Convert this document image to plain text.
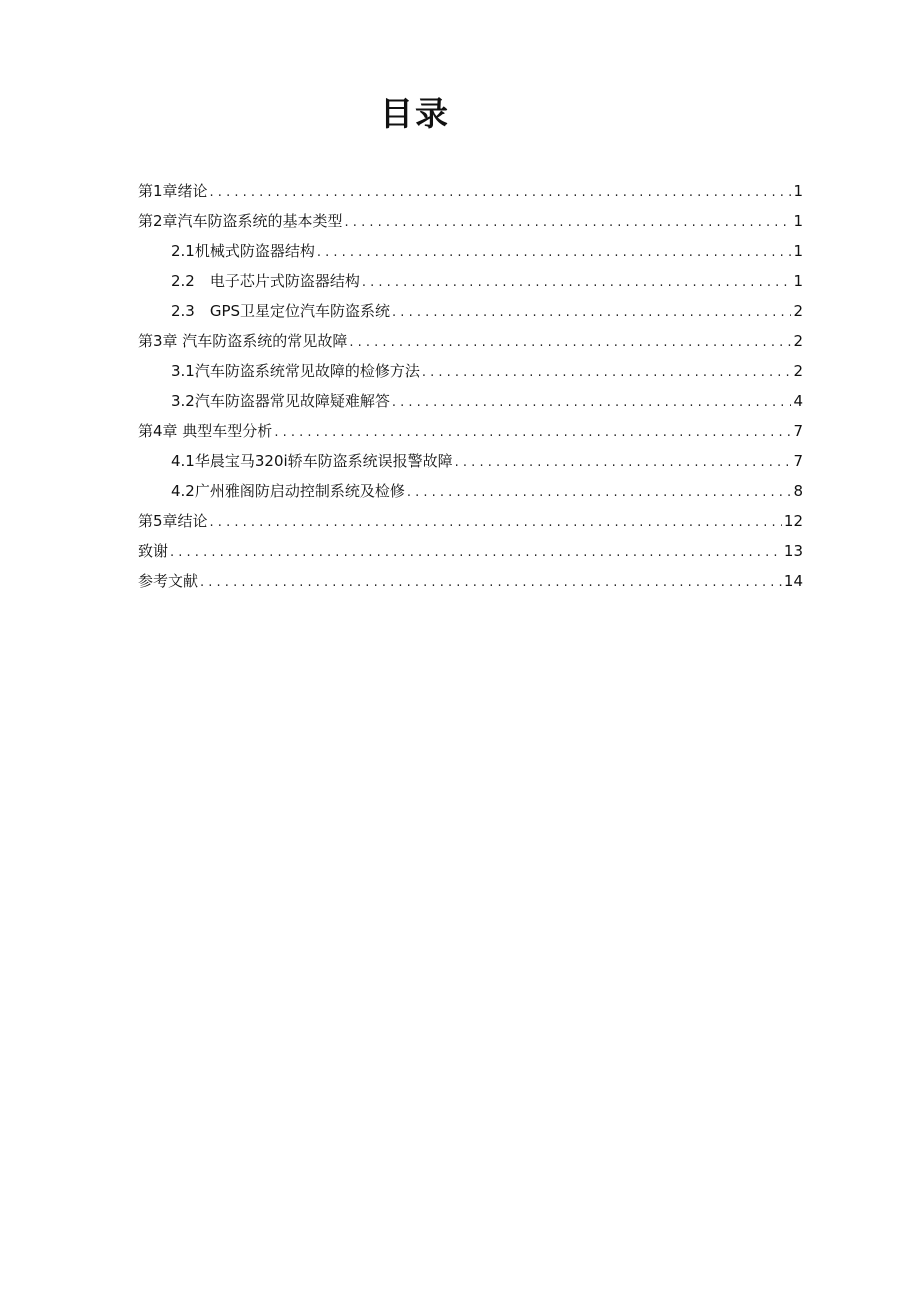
目录
第1章绪论 . . .	1
第2章汽车防盗系统的基本类型 . . .	1
2.1机械式防盗器结构 . . .	1
2.2　电子芯片式防盗器结构 . . .	1
2.3　GPS卫星定位汽车防盗系统 . . .	2
第3章 汽车防盗系统的常见故障 . . .	2
3.1汽车防盗系统常见故障的检修方法 . . .	2
3.2汽车防盗器常见故障疑难解答 . . .	4
第4章 典型车型分析 . . .	7
4.1华晨宝马320i轿车防盗系统误报警故障 . . .	7
4.2广州雅阁防启动控制系统及检修 . . .	8
第5章结论 . . .	12
致谢 . . .	13
参考文献 . . .	14
